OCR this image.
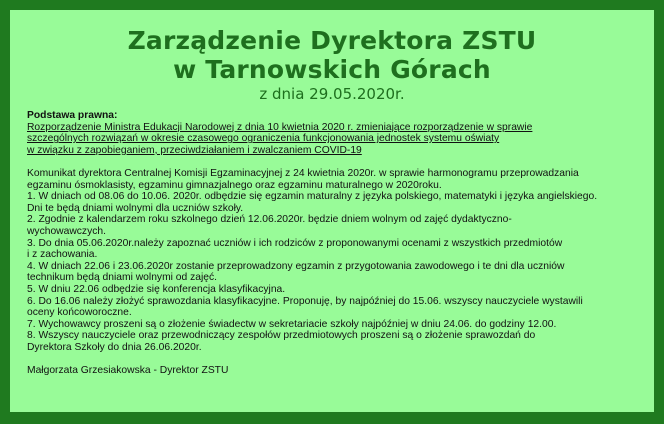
Zarządzenie Dyrektora ZSTU
w Tarnowskich Górach
z dnia 29.05.2020r.
Podstawa prawna:
Rozporządzenie Ministra Edukacji Narodowej z dnia 10 kwietnia 2020 r. zmieniające rozporządzenie w sprawie
szczególnych rozwiązań w okresie czasowego ograniczenia funkcjonowania jednostek systemu oświaty
w związku z zapobieganiem, przeciwdziałaniem i zwalczaniem COVID-19
Komunikat dyrektora Centralnej Komisji Egzaminacyjnej z 24 kwietnia 2020r. w sprawie harmonogramu przeprowadzania
egzaminu ósmoklasisty, egzaminu gimnazjalnego oraz egzaminu maturalnego w 2020roku.
1. W dniach od 08.06 do 10.06. 2020r. odbędzie się egzamin maturalny z języka polskiego, matematyki i języka angielskiego.
Dni te będą dniami wolnymi dla uczniów szkoły.
2. Zgodnie z kalendarzem roku szkolnego dzień 12.06.2020r. będzie dniem wolnym od zajęć dydaktyczno-
wychowawczych.
3. Do dnia 05.06.2020r.należy zapoznać uczniów i ich rodziców z proponowanymi ocenami z wszystkich przedmiotów
i z zachowania.
4. W dniach 22.06 i 23.06.2020r zostanie przeprowadzony egzamin z przygotowania zawodowego i te dni dla uczniów
technikum będą dniami wolnymi od zajęć.
5. W dniu 22.06 odbędzie się konferencja klasyfikacyjna.
6. Do 16.06 należy złożyć sprawozdania klasyfikacyjne. Proponuję, by najpóźniej do 15.06. wszyscy nauczyciele wystawili
oceny końcoworoczne.
7. Wychowawcy proszeni są o złożenie świadectw w sekretariacie szkoły najpóźniej w dniu 24.06. do godziny 12.00.
8. Wszyscy nauczyciele oraz przewodniczący zespołów przedmiotowych proszeni są o złożenie sprawozdań do
Dyrektora Szkoły do dnia 26.06.2020r.
Małgorzata Grzesiakowska - Dyrektor ZSTU
